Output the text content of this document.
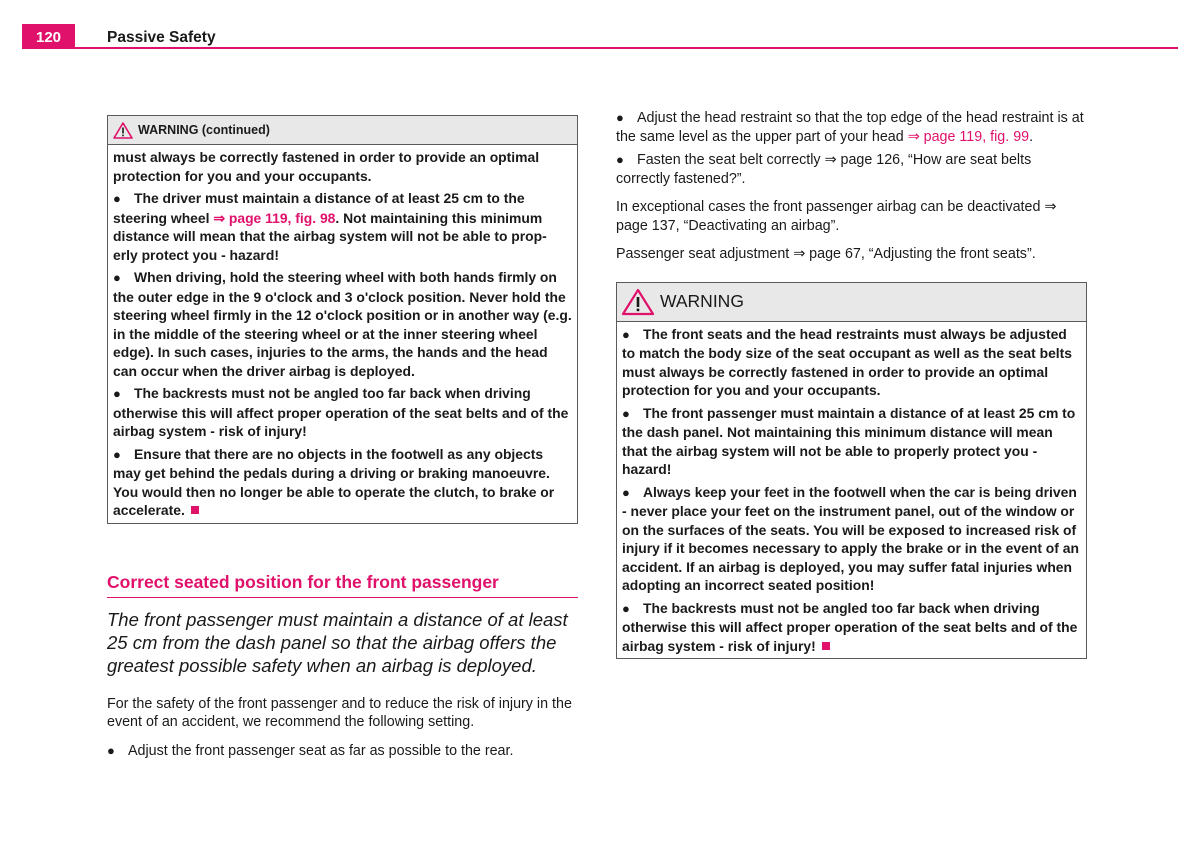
120	Passive Safety
WARNING (continued)

must always be correctly fastened in order to provide an optimal protection for you and your occupants.

● The driver must maintain a distance of at least 25 cm to the steering wheel ⇒ page 119, fig. 98. Not maintaining this minimum distance will mean that the airbag system will not be able to prop- erly protect you - hazard!

● When driving, hold the steering wheel with both hands firmly on the outer edge in the 9 o'clock and 3 o'clock position. Never hold the steering wheel firmly in the 12 o'clock position or in another way (e.g. in the middle of the steering wheel or at the inner steering wheel edge). In such cases, injuries to the arms, the hands and the head can occur when the driver airbag is deployed.

● The backrests must not be angled too far back when driving otherwise this will affect proper operation of the seat belts and of the airbag system - risk of injury!

● Ensure that there are no objects in the footwell as any objects may get behind the pedals during a driving or braking manoeuvre. You would then no longer be able to operate the clutch, to brake or accelerate.

Correct seated position for the front passenger
The front passenger must maintain a distance of at least 25 cm from the dash panel so that the airbag offers the greatest possible safety when an airbag is deployed.

For the safety of the front passenger and to reduce the risk of injury in the event of an accident, we recommend the following setting.

● Adjust the front passenger seat as far as possible to the rear.

● Adjust the head restraint so that the top edge of the head restraint is at the same level as the upper part of your head ⇒ page 119, fig. 99.

● Fasten the seat belt correctly ⇒ page 126, “How are seat belts correctly fastened?”.

In exceptional cases the front passenger airbag can be deactivated ⇒ page 137, “Deactivating an airbag”.

Passenger seat adjustment ⇒ page 67, “Adjusting the front seats”.

WARNING

● The front seats and the head restraints must always be adjusted to match the body size of the seat occupant as well as the seat belts must always be correctly fastened in order to provide an optimal protection for you and your occupants.

● The front passenger must maintain a distance of at least 25 cm to the dash panel. Not maintaining this minimum distance will mean that the airbag system will not be able to properly protect you - hazard!

● Always keep your feet in the footwell when the car is being driven - never place your feet on the instrument panel, out of the window or on the surfaces of the seats. You will be exposed to increased risk of injury if it becomes necessary to apply the brake or in the event of an accident. If an airbag is deployed, you may suffer fatal injuries when adopting an incorrect seated position!

● The backrests must not be angled too far back when driving otherwise this will affect proper operation of the seat belts and of the airbag system - risk of injury!
